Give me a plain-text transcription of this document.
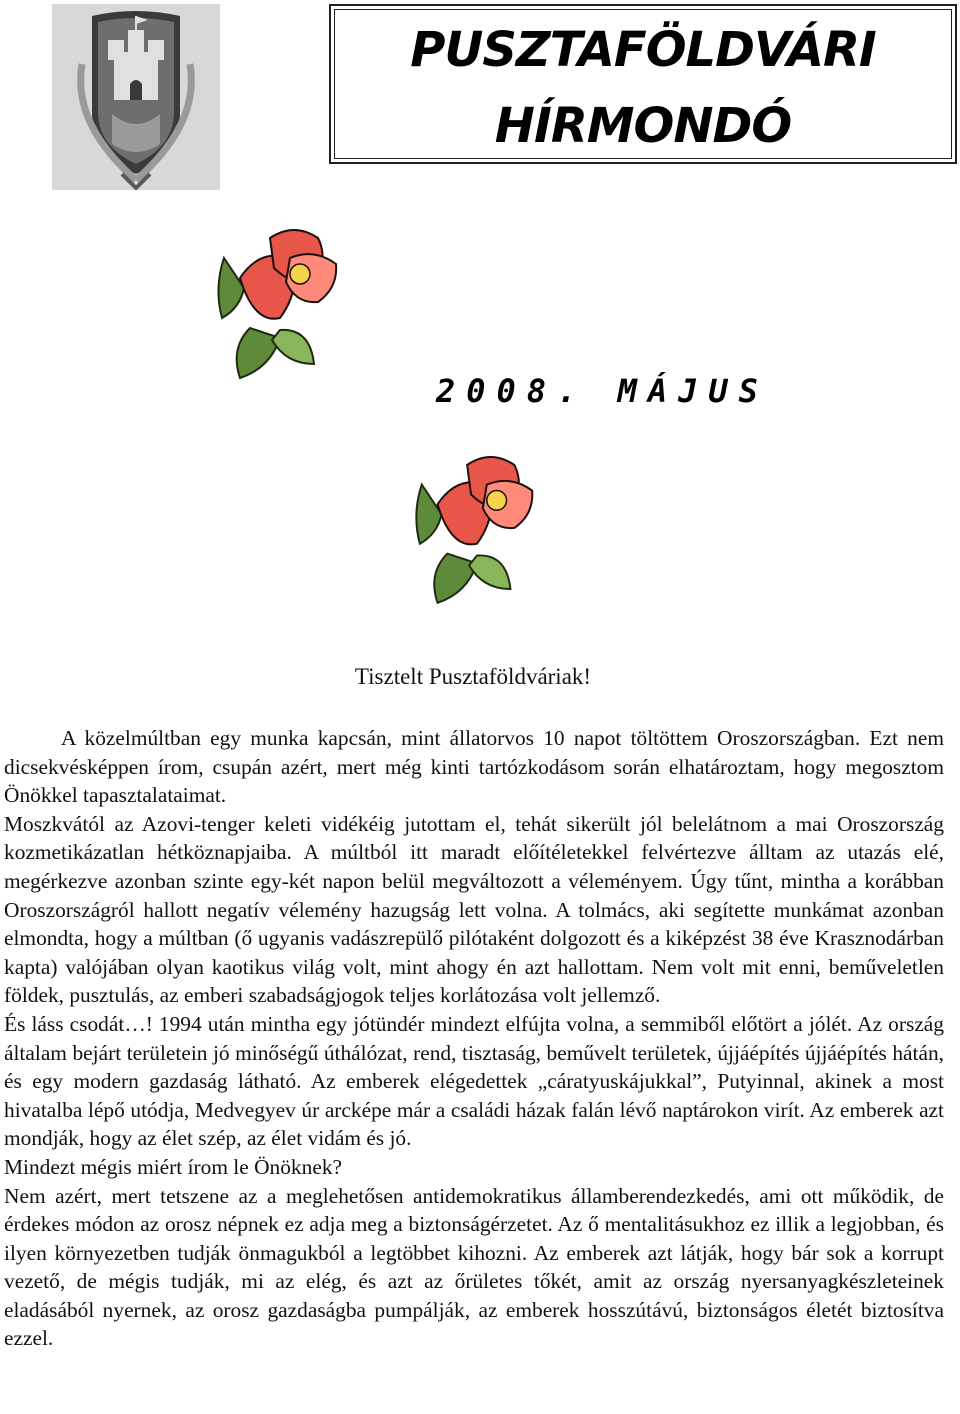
PUSZTAFÖLDVÁRI
HÍRMONDÓ
2008. MÁJUS
Tisztelt Pusztaföldváriak!

A közelmúltban egy munka kapcsán, mint állatorvos 10 napot töltöttem Oroszországban. Ezt nem dicsekvésképpen írom, csupán azért, mert még kinti tartózkodásom során elhatároztam, hogy megosztom Önökkel tapasztalataimat.

Moszkvától az Azovi-tenger keleti vidékéig jutottam el, tehát sikerült jól belelátnom a mai Oroszország kozmetikázatlan hétköznapjaiba. A múltból itt maradt előítéletekkel felvértezve álltam az utazás elé, megérkezve azonban szinte egy-két napon belül megváltozott a véleményem. Úgy tűnt, mintha a korábban Oroszországról hallott negatív vélemény hazugság lett volna. A tolmács, aki segítette munkámat azonban elmondta, hogy a múltban (ő ugyanis vadászrepülő pilótaként dolgozott és a kiképzést 38 éve Krasznodárban kapta) valójában olyan kaotikus világ volt, mint ahogy én azt hallottam. Nem volt mit enni, beműveletlen földek, pusztulás, az emberi szabadságjogok teljes korlátozása volt jellemző.

És láss csodát…! 1994 után mintha egy jótündér mindezt elfújta volna, a semmiből előtört a jólét. Az ország általam bejárt területein jó minőségű úthálózat, rend, tisztaság, beművelt területek, újjáépítés újjáépítés hátán, és egy modern gazdaság látható. Az emberek elégedettek „cáratyuskájukkal”, Putyinnal, akinek a most hivatalba lépő utódja, Medvegyev úr arcképe már a családi házak falán lévő naptárokon virít. Az emberek azt mondják, hogy az élet szép, az élet vidám és jó.

Mindezt mégis miért írom le Önöknek?

Nem azért, mert tetszene az a meglehetősen antidemokratikus államberendezkedés, ami ott működik, de érdekes módon az orosz népnek ez adja meg a biztonságérzetet. Az ő mentalitásukhoz ez illik a legjobban, és ilyen környezetben tudják önmagukból a legtöbbet kihozni. Az emberek azt látják, hogy bár sok a korrupt vezető, de mégis tudják, mi az elég, és azt az őrületes tőkét, amit az ország nyersanyagkészleteinek eladásából nyernek, az orosz gazdaságba pumpálják, az emberek hosszútávú, biztonságos életét biztosítva ezzel.
